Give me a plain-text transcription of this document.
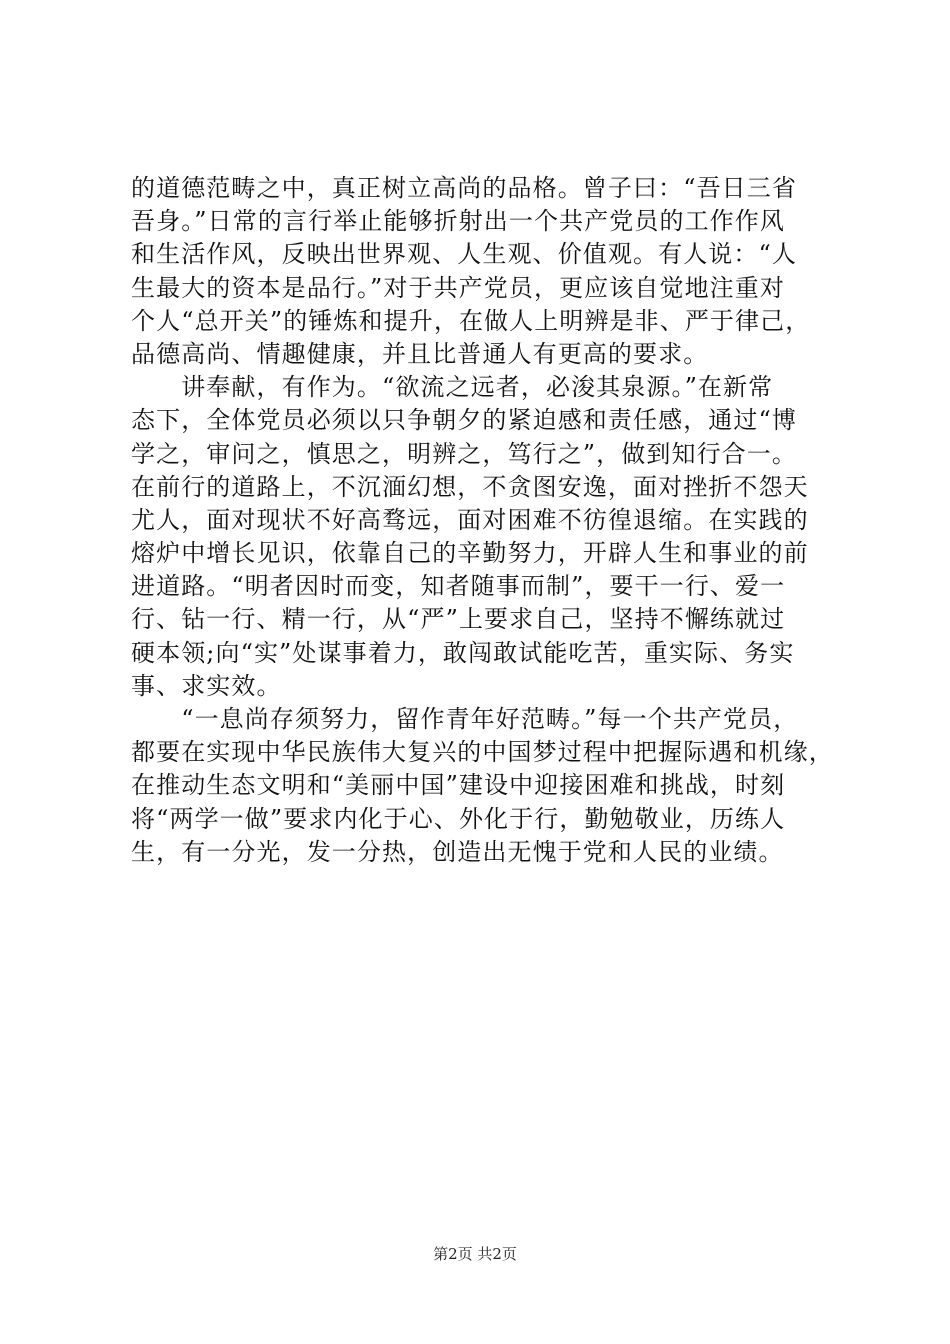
的道德范畴之中，真正树立高尚的品格。曾子曰：“吾日三省
吾身。”日常的言行举止能够折射出一个共产党员的工作作风
和生活作风，反映出世界观、人生观、价值观。有人说：“人
生最大的资本是品行。”对于共产党员，更应该自觉地注重对
个人“总开关”的锤炼和提升，在做人上明辨是非、严于律己，
品德高尚、情趣健康，并且比普通人有更高的要求。
　　讲奉献，有作为。“欲流之远者，必浚其泉源。”在新常
态下，全体党员必须以只争朝夕的紧迫感和责任感，通过“博
学之，审问之，慎思之，明辨之，笃行之”，做到知行合一。
在前行的道路上，不沉湎幻想，不贪图安逸，面对挫折不怨天
尤人，面对现状不好高骛远，面对困难不彷徨退缩。在实践的
熔炉中增长见识，依靠自己的辛勤努力，开辟人生和事业的前
进道路。“明者因时而变，知者随事而制”，要干一行、爱一
行、钻一行、精一行，从“严”上要求自己，坚持不懈练就过
硬本领;向“实”处谋事着力，敢闯敢试能吃苦，重实际、务实
事、求实效。
　　“一息尚存须努力，留作青年好范畴。”每一个共产党员，
都要在实现中华民族伟大复兴的中国梦过程中把握际遇和机缘，
在推动生态文明和“美丽中国”建设中迎接困难和挑战，时刻
将“两学一做”要求内化于心、外化于行，勤勉敬业，历练人
生，有一分光，发一分热，创造出无愧于党和人民的业绩。
第2页 共2页
